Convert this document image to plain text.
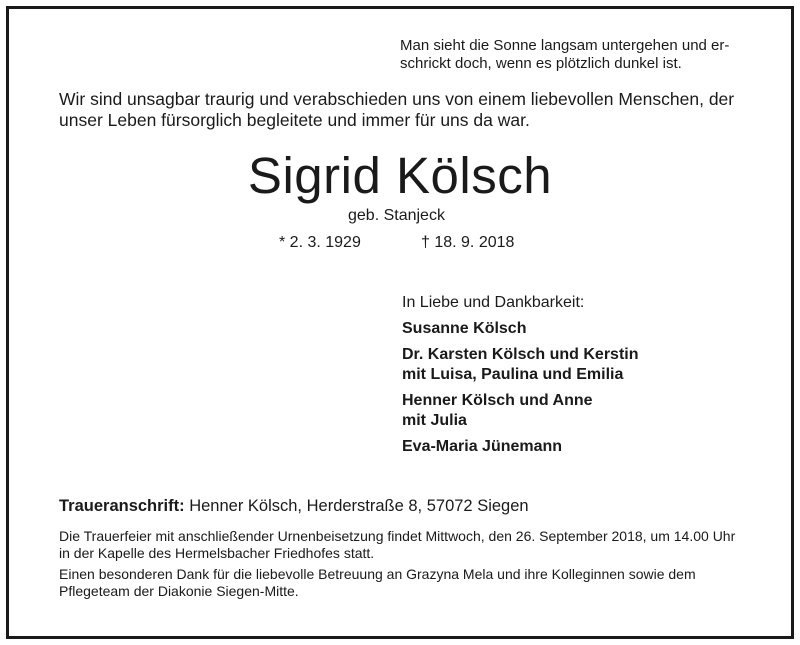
Man sieht die Sonne langsam untergehen und er-
schrickt doch, wenn es plötzlich dunkel ist.
Wir sind unsagbar traurig und verabschieden uns von einem liebevollen Menschen, der
unser Leben fürsorglich begleitete und immer für uns da war.
Sigrid Kölsch
geb. Stanjeck
* 2. 3. 1929	† 18. 9. 2018
In Liebe und Dankbarkeit:
Susanne Kölsch
Dr. Karsten Kölsch und Kerstin
mit Luisa, Paulina und Emilia
Henner Kölsch und Anne
mit Julia
Eva-Maria Jünemann
Traueranschrift: Henner Kölsch, Herderstraße 8, 57072 Siegen

Die Trauerfeier mit anschließender Urnenbeisetzung findet Mittwoch, den 26. September 2018, um 14.00 Uhr in der Kapelle des Hermelsbacher Friedhofes statt.

Einen besonderen Dank für die liebevolle Betreuung an Grazyna Mela und ihre Kolleginnen sowie dem Pflegeteam der Diakonie Siegen-Mitte.
